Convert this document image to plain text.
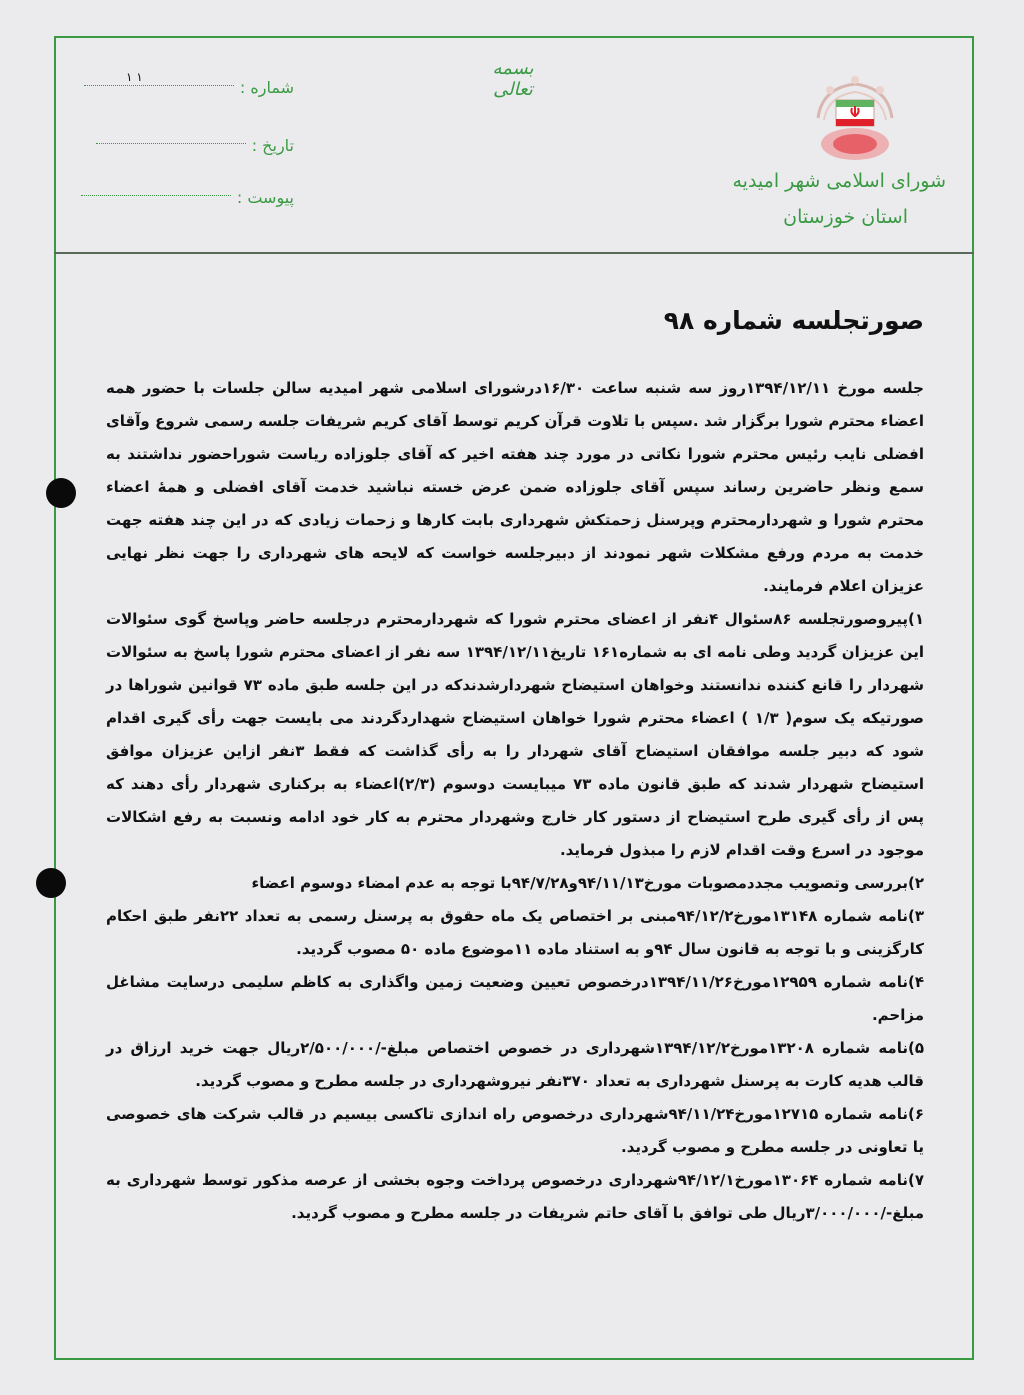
۱ ۱	بسمه تعالی
شورای اسلامی شهر امیدیه
استان خوزستان
شماره :
تاریخ :
پیوست :
صورتجلسه شماره ۹۸

جلسه مورخ ۱۳۹۴/۱۲/۱۱روز سه شنبه ساعت ۱۶/۳۰درشورای اسلامی شهر امیدیه سالن جلسات با حضور همه اعضاء محترم شورا برگزار شد .سپس با تلاوت قرآن کریم توسط آقای کریم شریفات جلسه رسمی شروع وآقای افضلی نایب رئیس محترم شورا نکاتی در مورد چند هفته اخیر که آقای جلوزاده ریاست شوراحضور نداشتند به سمع ونظر حاضرین رساند سپس آقای جلوزاده ضمن عرض خسته نباشید خدمت آقای افضلی و همهٔ اعضاء محترم شورا و شهردارمحترم وپرسنل زحمتکش شهرداری بابت کارها و زحمات زیادی که در این چند هفته جهت خدمت به مردم ورفع مشکلات شهر نمودند از دبیرجلسه خواست که لایحه های شهرداری را جهت نظر نهایی عزیزان اعلام فرمایند.

۱)پیروصورتجلسه ۸۶سئوال ۴نفر از اعضای محترم شورا که شهردارمحترم درجلسه حاضر وپاسخ گوی سئوالات این عزیزان گردید وطی نامه ای به شماره۱۶۱ تاریخ۱۳۹۴/۱۲/۱۱ سه نفر از اعضای محترم شورا پاسخ به سئوالات شهردار را قانع کننده ندانستند وخواهان استیضاح شهردارشدندکه در این جلسه طبق ماده ۷۳ قوانین شوراها در صورتیکه یک سوم( ۱/۳ ) اعضاء محترم شورا خواهان استیضاح شهداردگردند می بایست جهت رأی گیری اقدام شود که دبیر جلسه موافقان استیضاح آقای شهردار را به رأی گذاشت که فقط ۳نفر ازاین عزیزان موافق استیضاح شهردار شدند که طبق قانون ماده ۷۳ میبایست دوسوم (۲/۳)اعضاء به برکناری شهردار رأی دهند که پس از رأی گیری طرح استیضاح از دستور کار خارج وشهردار محترم به کار خود ادامه ونسبت به رفع اشکالات موجود در اسرع وقت اقدام لازم را مبذول فرماید.

۲)بررسی وتصویب مجددمصوبات مورخ۹۴/۱۱/۱۳و۹۴/۷/۲۸با توجه به عدم امضاء دوسوم اعضاء

۳)نامه شماره ۱۳۱۴۸مورخ۹۴/۱۲/۲مبنی بر اختصاص یک ماه حقوق به پرسنل رسمی به تعداد ۲۲نفر طبق احکام کارگزینی و با توجه به قانون سال ۹۴و به استناد ماده ۱۱موضوع ماده ۵۰ مصوب گردید.

۴)نامه شماره ۱۲۹۵۹مورخ۱۳۹۴/۱۱/۲۶درخصوص تعیین وضعیت زمین واگذاری به کاظم سلیمی درسایت مشاغل مزاحم.

۵)نامه شماره ۱۳۲۰۸مورخ۱۳۹۴/۱۲/۲شهرداری در خصوص اختصاص مبلغ-/۲/۵۰۰/۰۰۰ریال جهت خرید ارزاق در قالب هدیه کارت به پرسنل شهرداری به تعداد ۳۷۰نفر نیروشهرداری در جلسه مطرح و مصوب گردید.

۶)نامه شماره ۱۲۷۱۵مورخ۹۴/۱۱/۲۴شهرداری درخصوص راه اندازی تاکسی بیسیم در قالب شرکت های خصوصی یا تعاونی در جلسه مطرح و مصوب گردید.

۷)نامه شماره ۱۳۰۶۴مورخ۹۴/۱۲/۱شهرداری درخصوص پرداخت وجوه بخشی از عرصه مذکور توسط شهرداری به مبلغ-/۳/۰۰۰/۰۰۰ریال طی توافق با آقای حاتم شریفات در جلسه مطرح و مصوب گردید.
